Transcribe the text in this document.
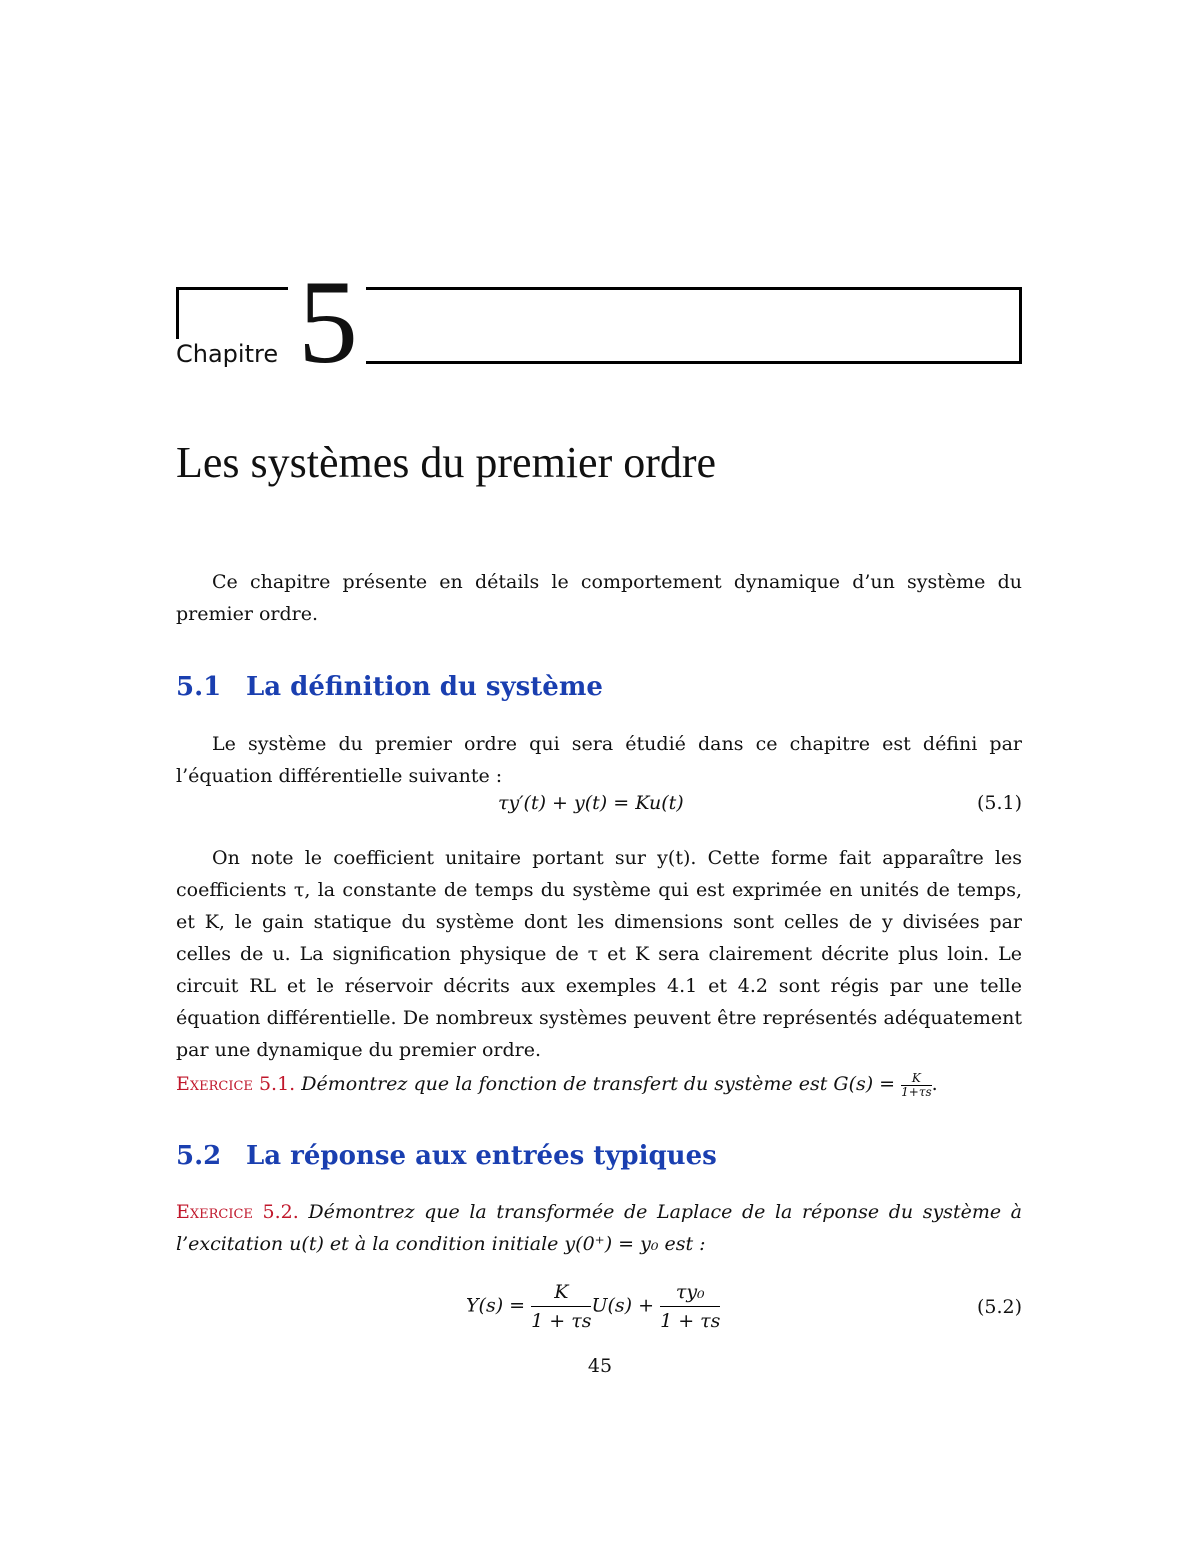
Chapitre 5
Les systèmes du premier ordre

Ce chapitre présente en détails le comportement dynamique d’un système du premier ordre.

5.1 La définition du système

Le système du premier ordre qui sera étudié dans ce chapitre est défini par l’équation différentielle suivante :

τy′(t) + y(t) = Ku(t)	(5.1)

On note le coefficient unitaire portant sur y(t). Cette forme fait apparaître les coefficients τ, la constante de temps du système qui est exprimée en unités de temps, et K, le gain statique du système dont les dimensions sont celles de y divisées par celles de u. La signification physique de τ et K sera clairement décrite plus loin. Le circuit RL et le réservoir décrits aux exemples 4.1 et 4.2 sont régis par une telle équation différentielle. De nombreux systèmes peuvent être représentés adéquatement par une dynamique du premier ordre.

Exercice 5.1. Démontrez que la fonction de transfert du système est $G(s) = \frac{K}{1+\tau s}$ .

5.2 La réponse aux entrées typiques

Exercice 5.2. Démontrez que la transformée de Laplace de la réponse du système à l’excitation u(t) et à la condition initiale y(0⁺) = y₀ est :

$Y(s) = \frac{K}{1 + \tau s} U(s) + \frac{\text{τy₀}}{1 + \tau s}$	(5.2)
45
